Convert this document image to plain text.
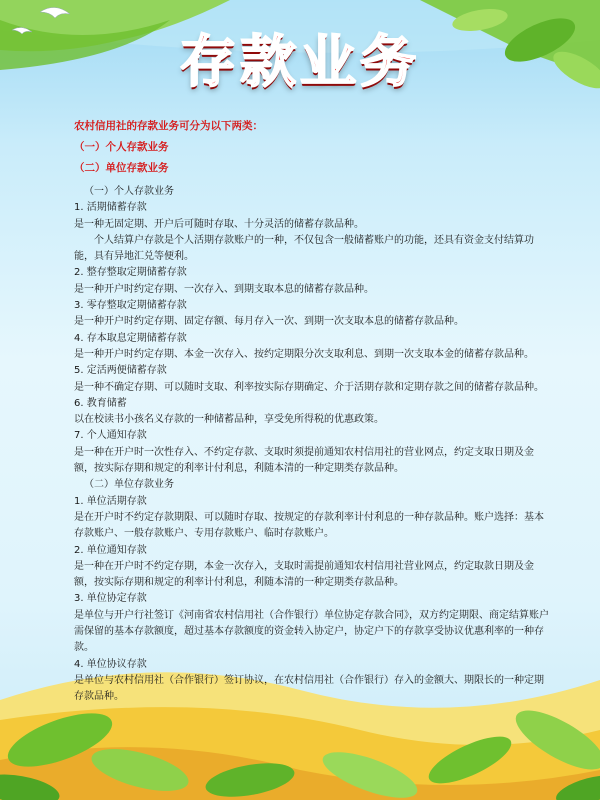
存款业务
农村信用社的存款业务可分为以下两类：
（一）个人存款业务
（二）单位存款业务
（一）个人存款业务
1. 活期储蓄存款
是一种无固定期、开户后可随时存取、十分灵活的储蓄存款品种。
个人结算户存款是个人活期存款账户的一种，不仅包含一般储蓄账户的功能，还具有资金支付结算功能，具有异地汇兑等便利。
2. 整存整取定期储蓄存款
是一种开户时约定存期、一次存入、到期支取本息的储蓄存款品种。
3. 零存整取定期储蓄存款
是一种开户时约定存期、固定存额、每月存入一次、到期一次支取本息的储蓄存款品种。
4. 存本取息定期储蓄存款
是一种开户时约定存期、本金一次存入、按约定期限分次支取利息、到期一次支取本金的储蓄存款品种。
5. 定活两便储蓄存款
是一种不确定存期、可以随时支取、利率按实际存期确定、介于活期存款和定期存款之间的储蓄存款品种。
6. 教育储蓄
以在校读书小孩名义存款的一种储蓄品种，享受免所得税的优惠政策。
7. 个人通知存款
是一种在开户时一次性存入、不约定存款、支取时须提前通知农村信用社的营业网点，约定支取日期及金额，按实际存期和规定的利率计付利息，利随本清的一种定期类存款品种。
（二）单位存款业务
1. 单位活期存款
是在开户时不约定存款期限、可以随时存取、按规定的存款利率计付利息的一种存款品种。账户选择：基本存款账户、一般存款账户、专用存款账户、临时存款账户。
2. 单位通知存款
是一种在开户时不约定存期，本金一次存入，支取时需提前通知农村信用社营业网点，约定取款日期及金额，按实际存期和规定的利率计付利息，利随本清的一种定期类存款品种。
3. 单位协定存款
是单位与开户行社签订《河南省农村信用社（合作银行）单位协定存款合同》，双方约定期限、商定结算账户需保留的基本存款额度，超过基本存款额度的资金转入协定户，协定户下的存款享受协议优惠利率的一种存款。
4. 单位协议存款
是单位与农村信用社（合作银行）签订协议，在农村信用社（合作银行）存入的金额大、期限长的一种定期存款品种。
